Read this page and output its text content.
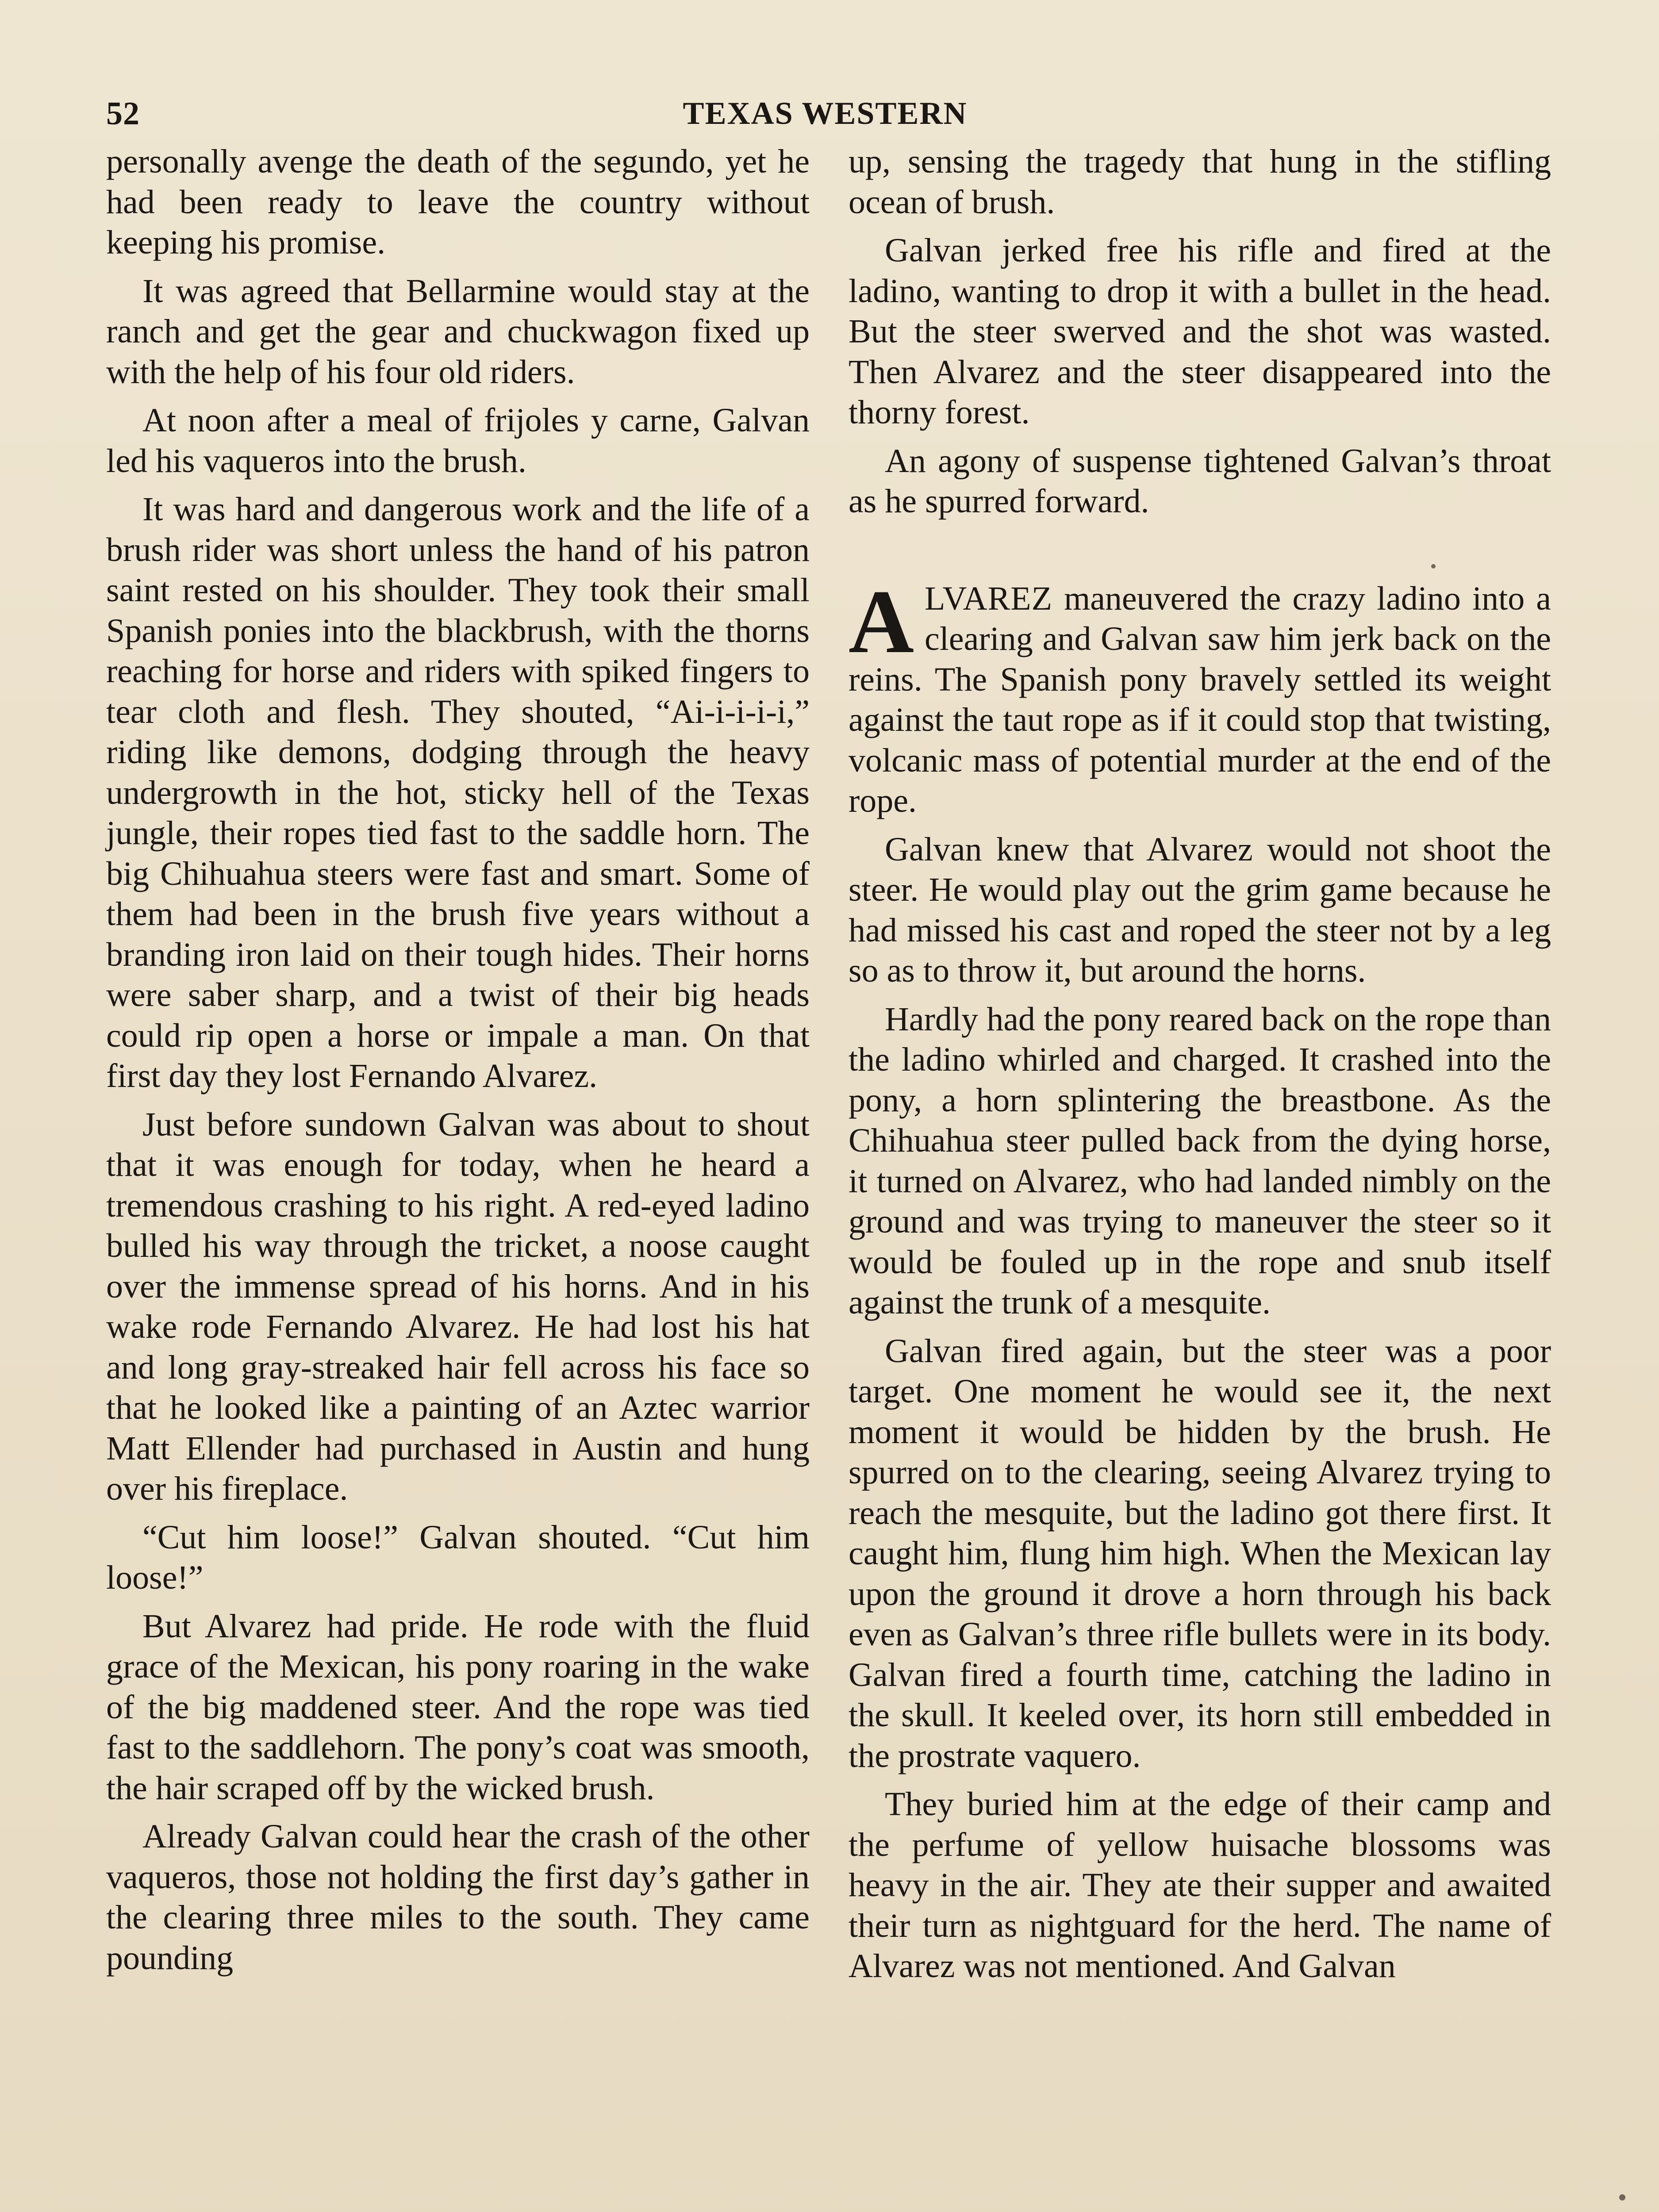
52	TEXAS WESTERN

personally avenge the death of the segundo, yet he had been ready to leave the country without keeping his promise.

It was agreed that Bellarmine would stay at the ranch and get the gear and chuckwagon fixed up with the help of his four old riders.

At noon after a meal of frijoles y carne, Galvan led his vaqueros into the brush.

It was hard and dangerous work and the life of a brush rider was short unless the hand of his patron saint rested on his shoulder. They took their small Spanish ponies into the blackbrush, with the thorns reaching for horse and riders with spiked fingers to tear cloth and flesh. They shouted, “Ai-i-i-i-i,” riding like demons, dodging through the heavy undergrowth in the hot, sticky hell of the Texas jungle, their ropes tied fast to the saddle horn. The big Chihuahua steers were fast and smart. Some of them had been in the brush five years without a branding iron laid on their tough hides. Their horns were saber sharp, and a twist of their big heads could rip open a horse or impale a man. On that first day they lost Fernando Alvarez.

Just before sundown Galvan was about to shout that it was enough for today, when he heard a tremendous crashing to his right. A red-eyed ladino bulled his way through the tricket, a noose caught over the immense spread of his horns. And in his wake rode Fernando Alvarez. He had lost his hat and long gray-streaked hair fell across his face so that he looked like a painting of an Aztec warrior Matt Ellender had purchased in Austin and hung over his fireplace.

“Cut him loose!” Galvan shouted. “Cut him loose!”

But Alvarez had pride. He rode with the fluid grace of the Mexican, his pony roaring in the wake of the big maddened steer. And the rope was tied fast to the saddlehorn. The pony’s coat was smooth, the hair scraped off by the wicked brush.

Already Galvan could hear the crash of the other vaqueros, those not holding the first day’s gather in the clearing three miles to the south. They came pounding

up, sensing the tragedy that hung in the stifling ocean of brush.

Galvan jerked free his rifle and fired at the ladino, wanting to drop it with a bullet in the head. But the steer swerved and the shot was wasted. Then Alvarez and the steer disappeared into the thorny forest.

An agony of suspense tightened Galvan’s throat as he spurred forward.

ALVAREZ maneuvered the crazy ladino into a clearing and Galvan saw him jerk back on the reins. The Spanish pony bravely settled its weight against the taut rope as if it could stop that twisting, volcanic mass of potential murder at the end of the rope.

Galvan knew that Alvarez would not shoot the steer. He would play out the grim game because he had missed his cast and roped the steer not by a leg so as to throw it, but around the horns.

Hardly had the pony reared back on the rope than the ladino whirled and charged. It crashed into the pony, a horn splintering the breastbone. As the Chihuahua steer pulled back from the dying horse, it turned on Alvarez, who had landed nimbly on the ground and was trying to maneuver the steer so it would be fouled up in the rope and snub itself against the trunk of a mesquite.

Galvan fired again, but the steer was a poor target. One moment he would see it, the next moment it would be hidden by the brush. He spurred on to the clearing, seeing Alvarez trying to reach the mesquite, but the ladino got there first. It caught him, flung him high. When the Mexican lay upon the ground it drove a horn through his back even as Galvan’s three rifle bullets were in its body. Galvan fired a fourth time, catching the ladino in the skull. It keeled over, its horn still embedded in the prostrate vaquero.

They buried him at the edge of their camp and the perfume of yellow huisache blossoms was heavy in the air. They ate their supper and awaited their turn as nightguard for the herd. The name of Alvarez was not mentioned. And Galvan
